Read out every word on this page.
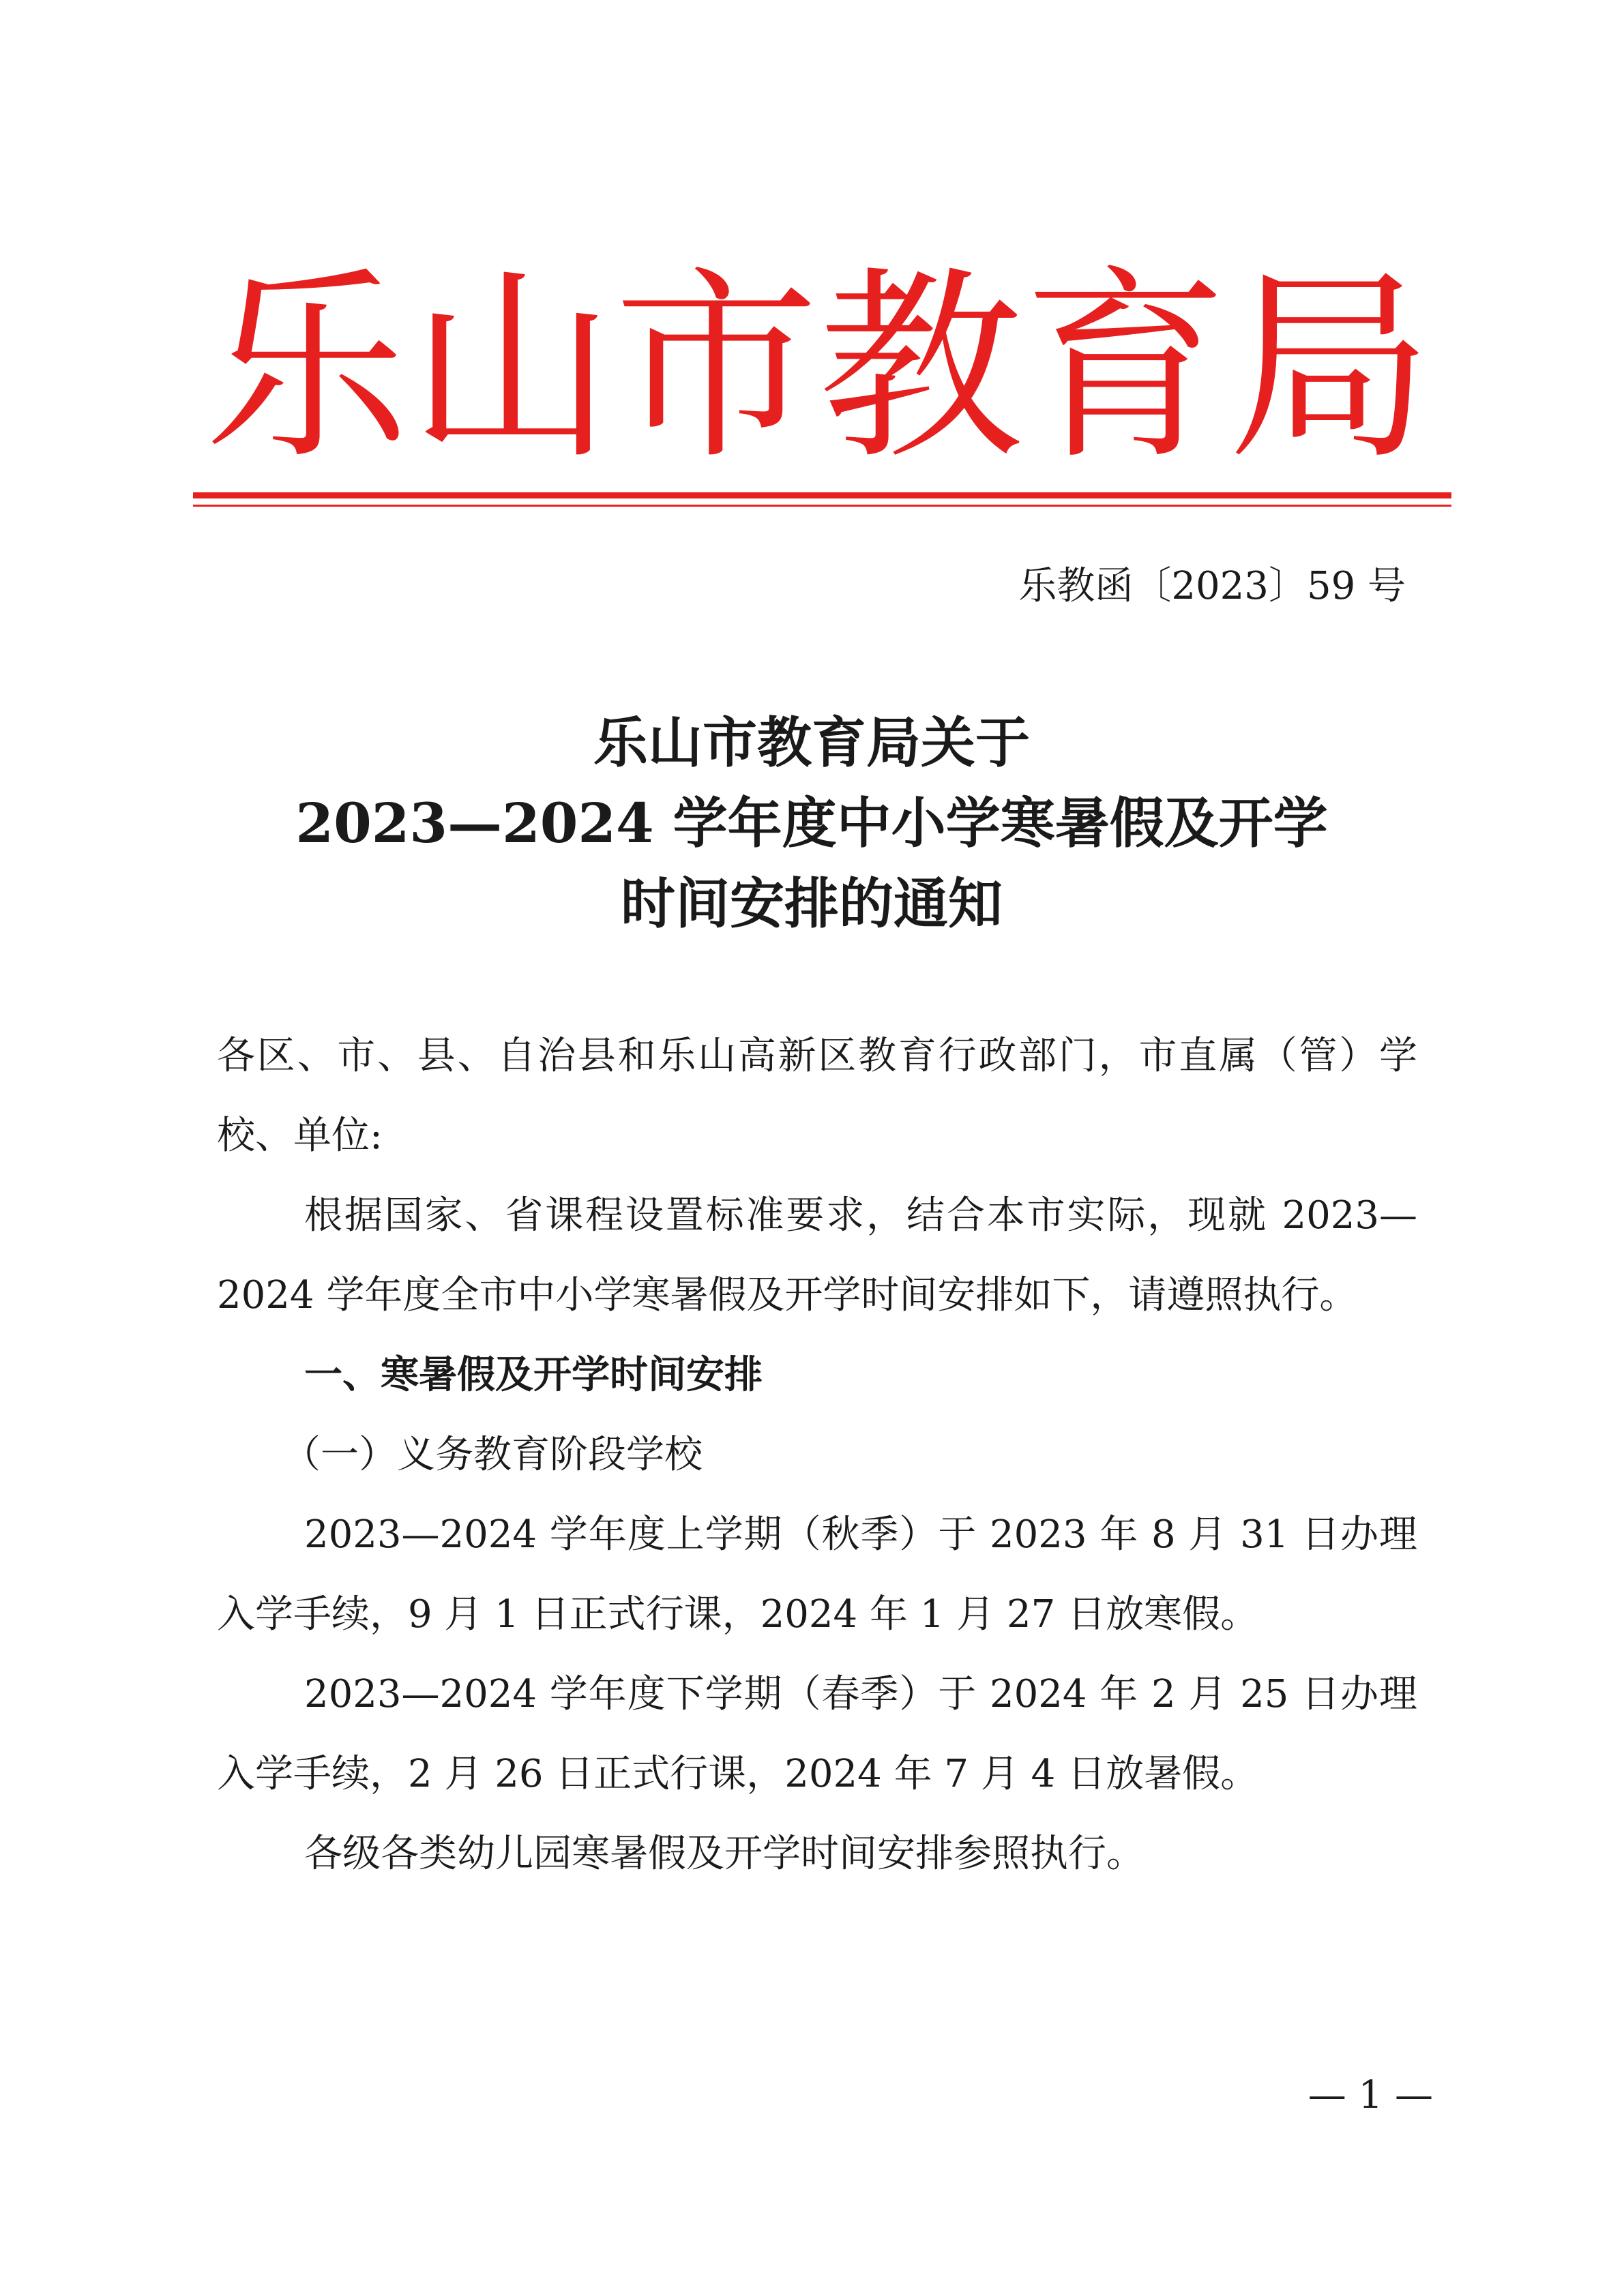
乐 山 市 教 育 局
乐教函〔2023〕59 号
乐山市教育局关于
2023—2024 学年度中小学寒暑假及开学
时间安排的通知

各区、市、县、自治县和乐山高新区教育行政部门，市直属（管）学校、单位:

根据国家、省课程设置标准要求，结合本市实际，现就 2023—2024 学年度全市中小学寒暑假及开学时间安排如下，请遵照执行。

一、寒暑假及开学时间安排

（一）义务教育阶段学校

2023—2024 学年度上学期（秋季）于 2023 年 8 月 31 日办理入学手续，9 月 1 日正式行课，2024 年 1 月 27 日放寒假。

2023—2024 学年度下学期（春季）于 2024 年 2 月 25 日办理入学手续，2 月 26 日正式行课，2024 年 7 月 4 日放暑假。

各级各类幼儿园寒暑假及开学时间安排参照执行。

— 1 —
